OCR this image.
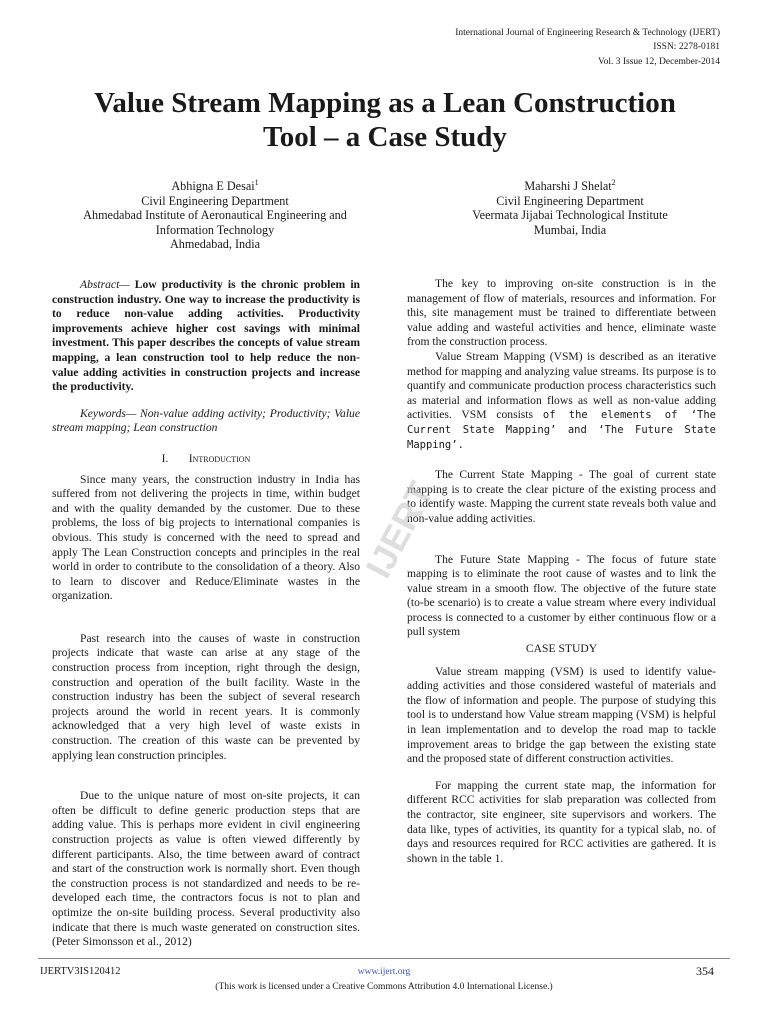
International Journal of Engineering Research & Technology (IJERT)
ISSN: 2278-0181
Vol. 3 Issue 12, December-2014
Value Stream Mapping as a Lean Construction
Tool – a Case Study
Abhigna E Desai$^1$
Civil Engineering Department
Ahmedabad Institute of Aeronautical Engineering and
Information Technology
Ahmedabad, India
Maharshi J Shelat$^2$
Civil Engineering Department
Veermata Jijabai Technological Institute
Mumbai, India

Abstract— Low productivity is the chronic problem in construction industry. One way to increase the productivity is to reduce non-value adding activities. Productivity improvements achieve higher cost savings with minimal investment. This paper describes the concepts of value stream mapping, a lean construction tool to help reduce the non-value adding activities in construction projects and increase the productivity.

Keywords— Non-value adding activity; Productivity; Value stream mapping; Lean construction

I. Introduction

Since many years, the construction industry in India has suffered from not delivering the projects in time, within budget and with the quality demanded by the customer. Due to these problems, the loss of big projects to international companies is obvious. This study is concerned with the need to spread and apply The Lean Construction concepts and principles in the real world in order to contribute to the consolidation of a theory. Also to learn to discover and Reduce/Eliminate wastes in the organization.

Past research into the causes of waste in construction projects indicate that waste can arise at any stage of the construction process from inception, right through the design, construction and operation of the built facility. Waste in the construction industry has been the subject of several research projects around the world in recent years. It is commonly acknowledged that a very high level of waste exists in construction. The creation of this waste can be prevented by applying lean construction principles.

Due to the unique nature of most on-site projects, it can often be difficult to define generic production steps that are adding value. This is perhaps more evident in civil engineering construction projects as value is often viewed differently by different participants. Also, the time between award of contract and start of the construction work is normally short. Even though the construction process is not standardized and needs to be re-developed each time, the contractors focus is not to plan and optimize the on-site building process. Several productivity also indicate that there is much waste generated on construction sites. (Peter Simonsson et al., 2012)

The key to improving on-site construction is in the management of flow of materials, resources and information. For this, site management must be trained to differentiate between value adding and wasteful activities and hence, eliminate waste from the construction process.

Value Stream Mapping (VSM) is described as an iterative method for mapping and analyzing value streams. Its purpose is to quantify and communicate production process characteristics such as material and information flows as well as non-value adding activities. VSM consists of the elements of ‘The Current State Mapping’ and ‘The Future State Mapping’.

The Current State Mapping - The goal of current state mapping is to create the clear picture of the existing process and to identify waste. Mapping the current state reveals both value and non-value adding activities.

The Future State Mapping - The focus of future state mapping is to eliminate the root cause of wastes and to link the value stream in a smooth flow. The objective of the future state (to-be scenario) is to create a value stream where every individual process is connected to a customer by either continuous flow or a pull system

CASE STUDY

Value stream mapping (VSM) is used to identify value-adding activities and those considered wasteful of materials and the flow of information and people. The purpose of studying this tool is to understand how Value stream mapping (VSM) is helpful in lean implementation and to develop the road map to tackle improvement areas to bridge the gap between the existing state and the proposed state of different construction activities.

For mapping the current state map, the information for different RCC activities for slab preparation was collected from the contractor, site engineer, site supervisors and workers. The data like, types of activities, its quantity for a typical slab, no. of days and resources required for RCC activities are gathered. It is shown in the table 1.

IJERT
IJERTV3IS120412	www.ijert.org	354
(This work is licensed under a Creative Commons Attribution 4.0 International License.)
